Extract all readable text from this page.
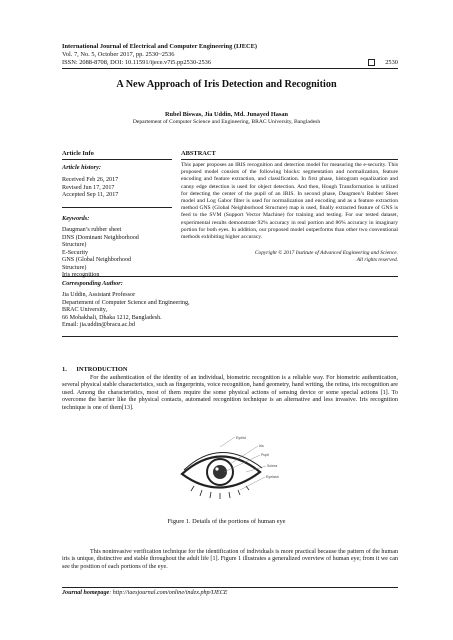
International Journal of Electrical and Computer Engineering (IJECE)
Vol. 7, No. 5, October 2017, pp. 2530~2536
ISSN: 2088-8708, DOI: 10.11591/ijece.v7i5.pp2530-2536	2530
A New Approach of Iris Detection and Recognition
Rubel Biswas, Jia Uddin, Md. Junayed Hasan
Departement of Computer Science and Engineering, BRAC University, Bangladesh
Article Info	ABSTRACT
Article history:
Received Feb 26, 2017
Revised Jun 17, 2017
Accepted Sep 11, 2017
Keywords:
Daugman’s rubber sheet
DNS (Dominant Neighborhood
Structure)
E-Security
GNS (Global Neighborhood
Structure)
Iris recognition
This paper proposes an IRIS recognition and detection model for measuring the e-security. This proposed model consists of the following blocks: segmentation and normalization, feature encoding and feature extraction, and classification. In first phase, histogram equalization and canny edge detection is used for object detection. And then, Hough Transformation is utilized for detecting the center of the pupil of an IRIS. In second phase, Daugmen’s Rubber Sheet model and Log Gabor filter is used for normalization and encoding and as a feature extraction method GNS (Global Neighborhood Structure) map is used, finally extracted feature of GNS is feed to the SVM (Support Vector Machine) for training and testing. For our tested dataset, experimental results demonstrate 92% accuracy in real portion and 86% accuracy in imaginary portion for both eyes. In addition, our proposed model outperforms than other two conventional methods exhibiting higher accuracy.
Copyright © 2017 Institute of Advanced Engineering and Science.
All rights reserved.
Corresponding Author:
Jia Uddin, Assistant Professor
Departement of Computer Science and Engineering,
BRAC University,
66 Mohakhali, Dhaka 1212, Bangladesh.
Email: jia.uddin@bracu.ac.bd
1.      INTRODUCTION
For the authentication of the identity of an individual, biometric recognition is a reliable way. For biometric authentication, several physical stable characteristics, such as fingerprints, voice recognition, hand geometry, hand writing, the retina, iris recognition are used. Among the characteristics, most of them require the some physical actions of sensing device or some special actions [1]. To overcome the barrier like the physical contacts, automated recognition technique is an alternative and less invasive. Iris recognition technique is one of them[13].
Eyelid
Iris
Pupil
Sclera
Eyelash
Figure 1. Details of the portions of human eye
This noninvasive verification technique for the identification of individuals is more practical because the pattern of the human iris is unique, distinctive and stable throughout the adult life [1]. Figure 1 illustrates a generalized overview of human eye; from it we can see the position of each portions of the eye.
Journal homepage: http://iaesjournal.com/online/index.php/IJECE
